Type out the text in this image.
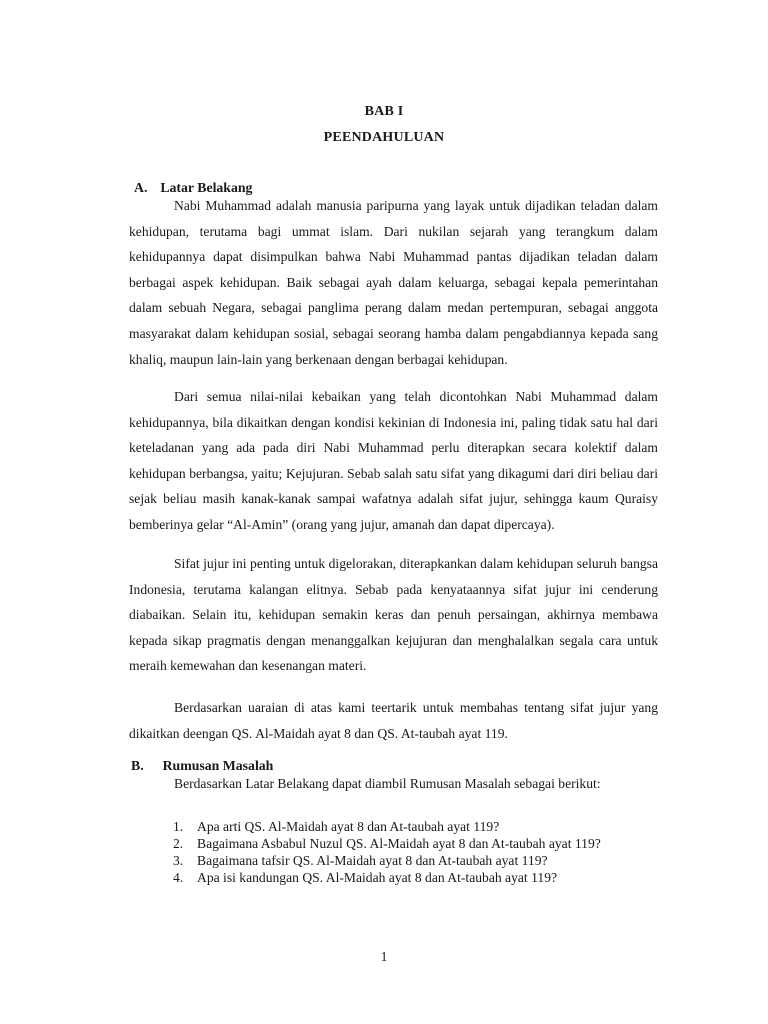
BAB I
PEENDAHULUAN
A. Latar Belakang

Nabi Muhammad adalah manusia paripurna yang layak untuk dijadikan teladan dalam kehidupan, terutama bagi ummat islam. Dari nukilan sejarah yang terangkum dalam kehidupannya dapat disimpulkan bahwa Nabi Muhammad pantas dijadikan teladan dalam berbagai aspek kehidupan. Baik sebagai ayah dalam keluarga, sebagai kepala pemerintahan dalam sebuah Negara, sebagai panglima perang dalam medan pertempuran, sebagai anggota masyarakat dalam kehidupan sosial, sebagai seorang hamba dalam pengabdiannya kepada sang khaliq, maupun lain-lain yang berkenaan dengan berbagai kehidupan.

Dari semua nilai-nilai kebaikan yang telah dicontohkan Nabi Muhammad dalam kehidupannya, bila dikaitkan dengan kondisi kekinian di Indonesia ini, paling tidak satu hal dari keteladanan yang ada pada diri Nabi Muhammad perlu diterapkan secara kolektif dalam kehidupan berbangsa, yaitu; Kejujuran. Sebab salah satu sifat yang dikagumi dari diri beliau dari sejak beliau masih kanak-kanak sampai wafatnya adalah sifat jujur, sehingga kaum Quraisy bemberinya gelar “Al-Amin” (orang yang jujur, amanah dan dapat dipercaya).

Sifat jujur ini penting untuk digelorakan, diterapkankan dalam kehidupan seluruh bangsa Indonesia, terutama kalangan elitnya. Sebab pada kenyataannya sifat jujur ini cenderung diabaikan. Selain itu, kehidupan semakin keras dan penuh persaingan, akhirnya membawa kepada sikap pragmatis dengan menanggalkan kejujuran dan menghalalkan segala cara untuk meraih kemewahan dan kesenangan materi.

Berdasarkan uaraian di atas kami teertarik untuk membahas tentang sifat jujur yang dikaitkan deengan QS. Al-Maidah ayat 8 dan QS. At-taubah ayat 119.

B. Rumusan Masalah

Berdasarkan Latar Belakang dapat diambil Rumusan Masalah sebagai berikut:

1. Apa arti QS. Al-Maidah ayat 8 dan At-taubah ayat 119?
2. Bagaimana Asbabul Nuzul QS. Al-Maidah ayat 8 dan At-taubah ayat 119?
3. Bagaimana tafsir QS. Al-Maidah ayat 8 dan At-taubah ayat 119?
4. Apa isi kandungan QS. Al-Maidah ayat 8 dan At-taubah ayat 119?
1
